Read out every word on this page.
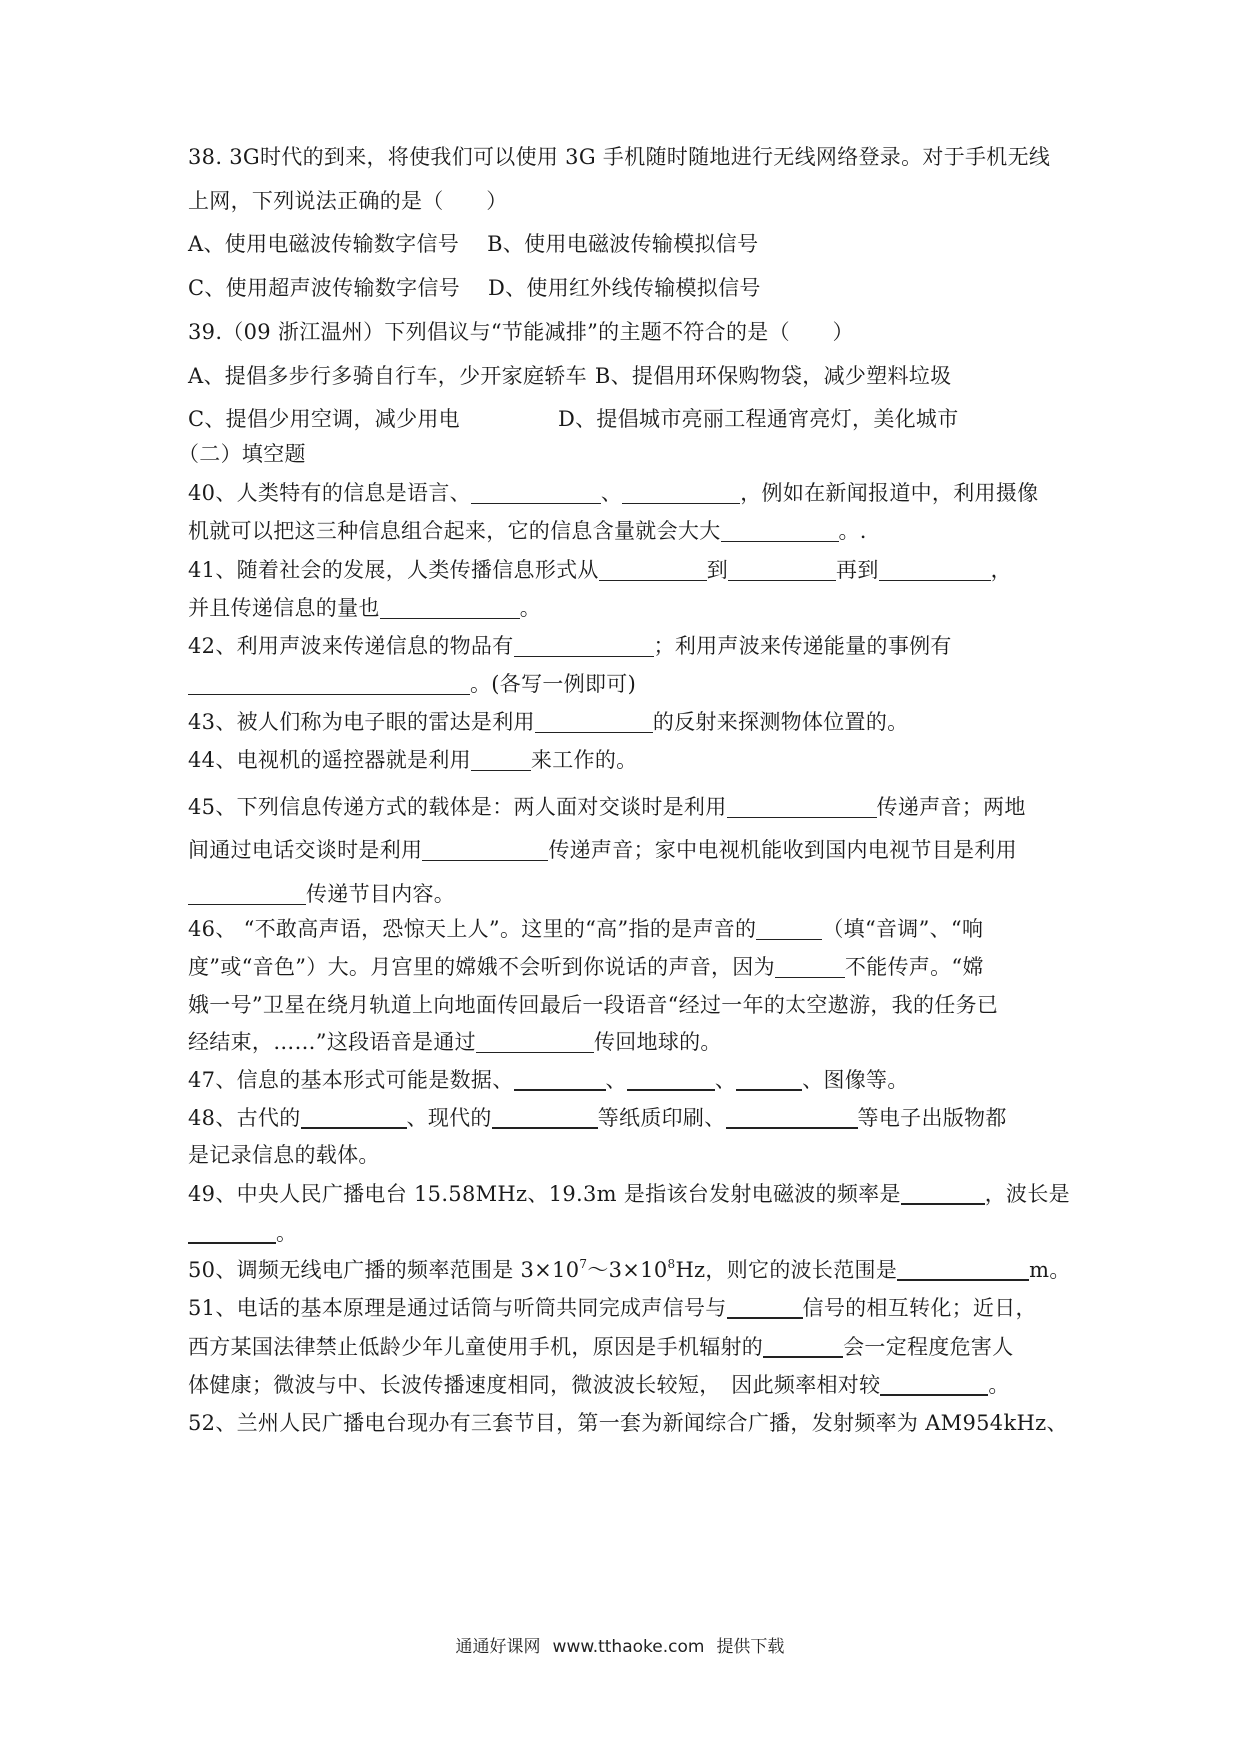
38. 3G时代的到来，将使我们可以使用 3G 手机随时随地进行无线网络登录。对于手机无线
上网，下列说法正确的是（　　）
A、使用电磁波传输数字信号 B、使用电磁波传输模拟信号
C、使用超声波传输数字信号 D、使用红外线传输模拟信号
39.（09 浙江温州）下列倡议与“节能减排”的主题不符合的是（　　）
A、提倡多步行多骑自行车，少开家庭轿车 B、提倡用环保购物袋，减少塑料垃圾
C、提倡少用空调，减少用电	D、提倡城市亮丽工程通宵亮灯，美化城市
（二）填空题
40、人类特有的信息是语言、	、	，例如在新闻报道中，利用摄像
机就可以把这三种信息组合起来，它的信息含量就会大大	。.
41、随着社会的发展，人类传播信息形式从	到	再到	，
并且传递信息的量也	。
42、利用声波来传递信息的物品有	；利用声波来传递能量的事例有
。(各写一例即可)
43、被人们称为电子眼的雷达是利用	的反射来探测物体位置的。
44、电视机的遥控器就是利用	来工作的。
45、下列信息传递方式的载体是：两人面对交谈时是利用	传递声音；两地
间通过电话交谈时是利用	传递声音；家中电视机能收到国内电视节目是利用
传递节目内容。
46、 “不敢高声语，恐惊天上人”。这里的“高”指的是声音的	（填“音调”、“响
度”或“音色”）大。月宫里的嫦娥不会听到你说话的声音，因为	不能传声。“嫦
娥一号”卫星在绕月轨道上向地面传回最后一段语音“经过一年的太空遨游，我的任务已
经结束，……”这段语音是通过	传回地球的。
47、信息的基本形式可能是数据、	、	、	、图像等。
48、古代的	、现代的	等纸质印刷、	等电子出版物都
是记录信息的载体。
49、中央人民广播电台 15.58MHz、19.3m 是指该台发射电磁波的频率是	，波长是
。
50、调频无线电广播的频率范围是 $3\times 10^7\sim 3\times 10^8Hz$，则它的波长范围是	m。
51、电话的基本原理是通过话筒与听筒共同完成声信号与	信号的相互转化；近日，
西方某国法律禁止低龄少年儿童使用手机，原因是手机辐射的	会一定程度危害人
体健康；微波与中、长波传播速度相同，微波波长较短，　因此频率相对较	。
52、兰州人民广播电台现办有三套节目，第一套为新闻综合广播，发射频率为 AM954kHz、
通通好课网 www.tthaoke.com 提供下载
